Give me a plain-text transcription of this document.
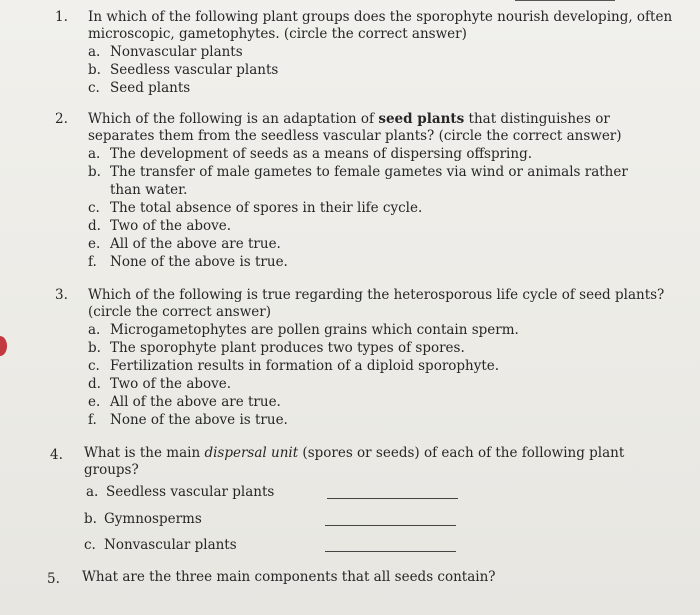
1. In which of the following plant groups does the sporophyte nourish developing, often microscopic, gametophytes. (circle the correct answer)

a. Nonvascular plants
b. Seedless vascular plants
c. Seed plants
2. Which of the following is an adaptation of seed plants that distinguishes or separates them from the seedless vascular plants? (circle the correct answer)

a. The development of seeds as a means of dispersing offspring.
b. The transfer of male gametes to female gametes via wind or animals rather than water.
c. The total absence of spores in their life cycle.
d. Two of the above.
e. All of the above are true.
f. None of the above is true.
3. Which of the following is true regarding the heterosporous life cycle of seed plants? (circle the correct answer)

a. Microgametophytes are pollen grains which contain sperm.
b. The sporophyte plant produces two types of spores.
c. Fertilization results in formation of a diploid sporophyte.
d. Two of the above.
e. All of the above are true.
f. None of the above is true.
4. What is the main dispersal unit (spores or seeds) of each of the following plant groups?

a. Seedless vascular plants
b. Gymnosperms
c. Nonvascular plants
5. What are the three main components that all seeds contain?
